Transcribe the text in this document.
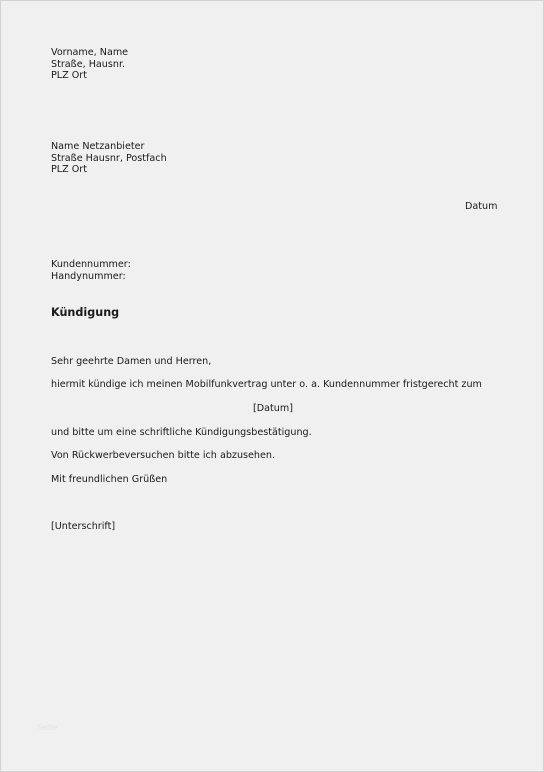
Vorname, Name
Straße, Hausnr.
PLZ Ort
Name Netzanbieter
Straße Hausnr, Postfach
PLZ Ort
Datum
Kundennummer:
Handynummer:
Kündigung
Sehr geehrte Damen und Herren,
hiermit kündige ich meinen Mobilfunkvertrag unter o. a. Kundennummer fristgerecht zum
[Datum]
und bitte um eine schriftliche Kündigungsbestätigung.
Von Rückwerbeversuchen bitte ich abzusehen.
Mit freundlichen Grüßen
[Unterschrift]
Seite
